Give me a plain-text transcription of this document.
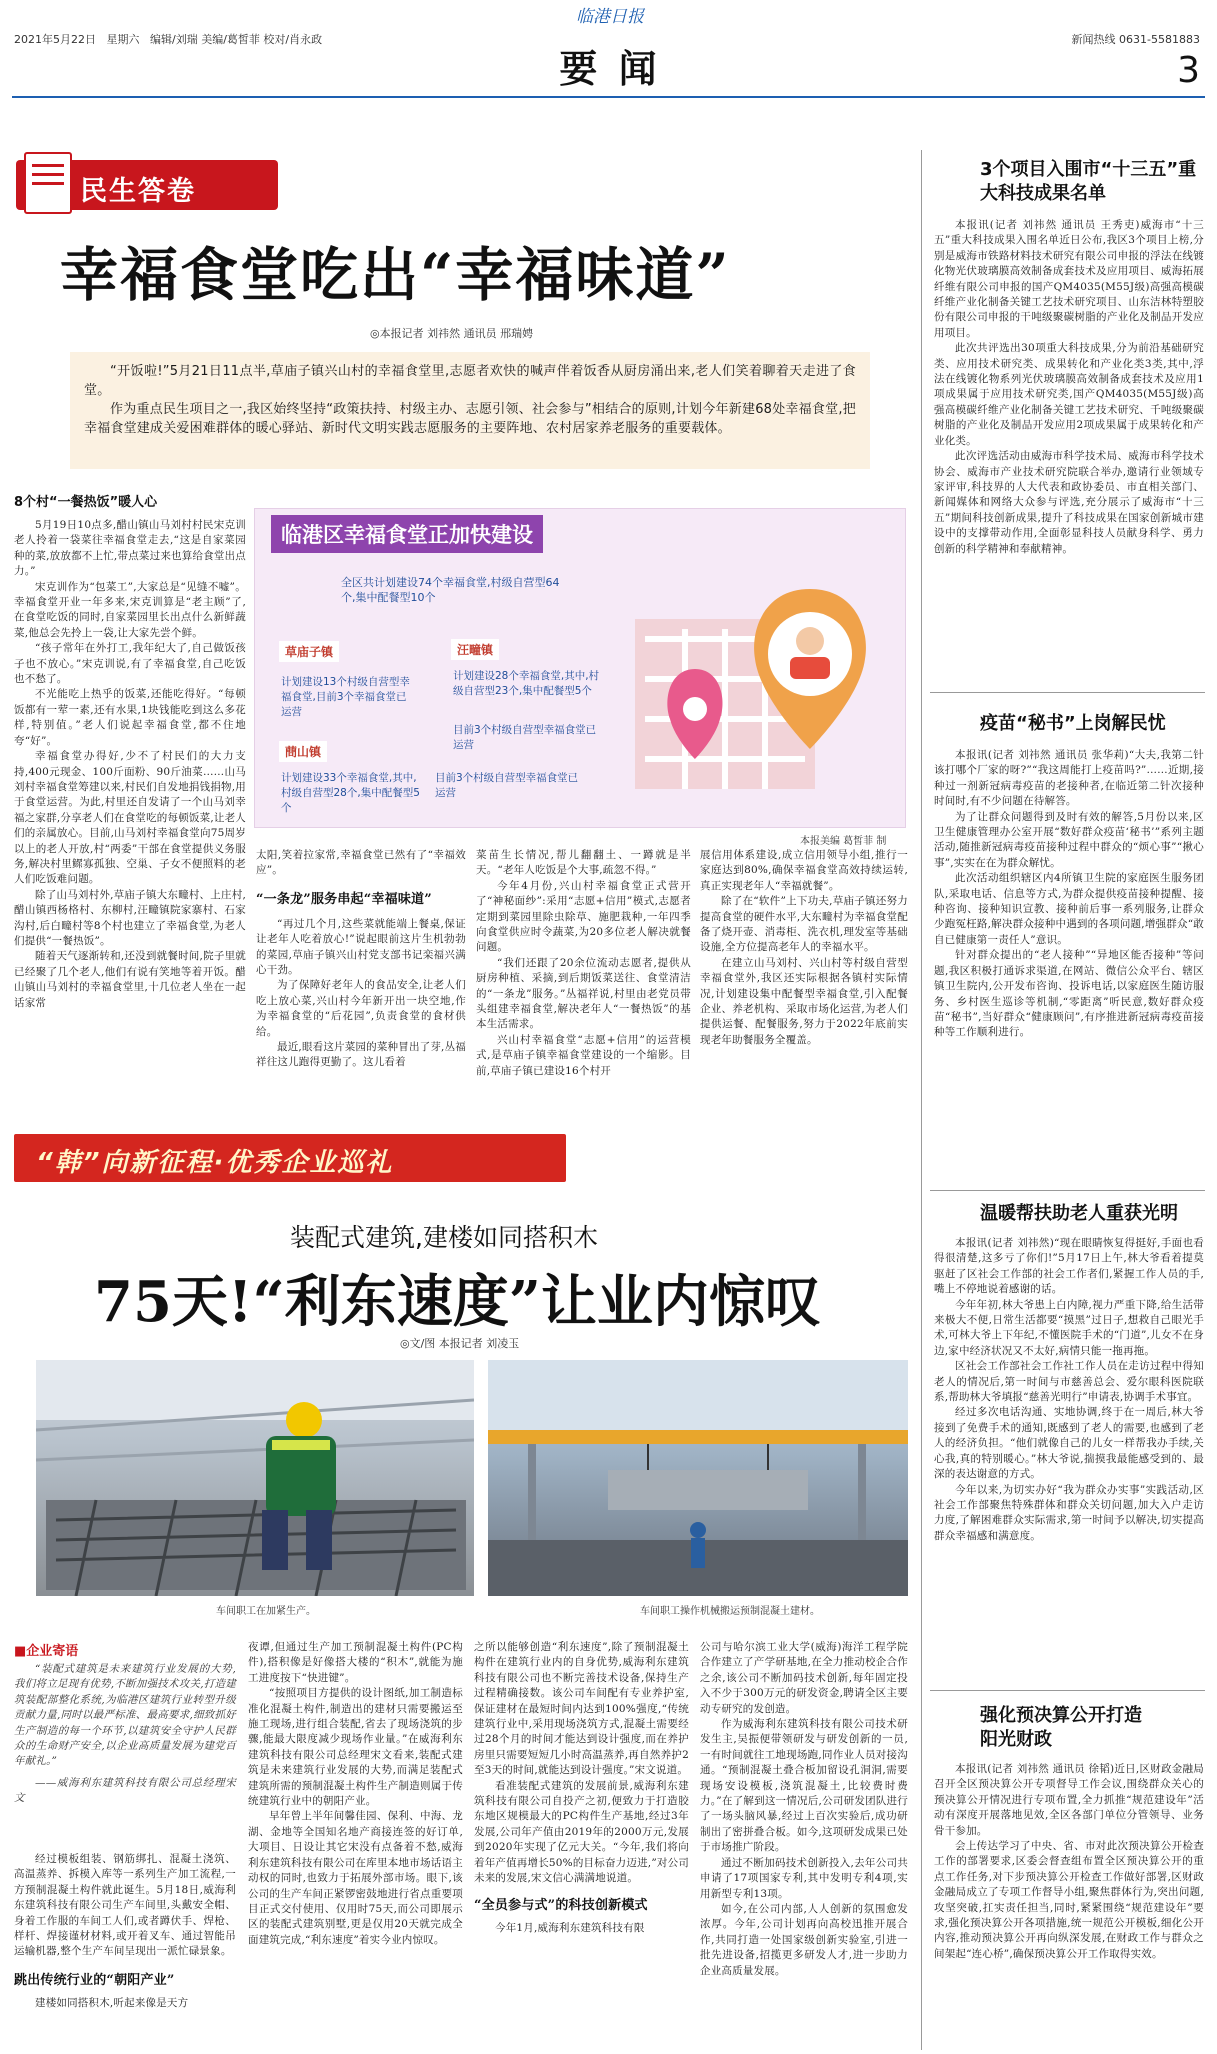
2021年5月22日 星期六 编辑/刘瑞 美编/葛皙菲 校对/肖永政
临港日报
要 闻
新闻热线 0631-5581883
3
民生答卷
幸福食堂吃出“幸福味道”
◎本报记者 刘祎然 通讯员 邢瑞娉

“开饭啦!”5月21日11点半,草庙子镇兴山村的幸福食堂里,志愿者欢快的喊声伴着饭香从厨房涌出来,老人们笑着聊着天走进了食堂。

作为重点民生项目之一,我区始终坚持“政策扶持、村级主办、志愿引领、社会参与”相结合的原则,计划今年新建68处幸福食堂,把幸福食堂建成关爱困难群体的暖心驿站、新时代文明实践志愿服务的主要阵地、农村居家养老服务的重要载体。

8个村“一餐热饭”暖人心
临港区幸福食堂正加快建设
全区共计划建设74个幸福食堂,村级自营型64个,集中配餐型10个
草庙子镇
计划建设13个村级自营型幸福食堂,目前3个幸福食堂已运营
汪疃镇
计划建设28个幸福食堂,其中,村级自营型23个,集中配餐型5个
目前3个村级自营型幸福食堂已运营
蔄山镇
计划建设33个幸福食堂,其中,村级自营型28个,集中配餐型5个
目前3个村级自营型幸福食堂已运营
本报美编 葛皙菲 制

5月19日10点多,醋山镇山马刘村村民宋克训老人拎着一袋菜往幸福食堂走去,“这是自家菜园种的菜,放放都不上忙,带点菜过来也算给食堂出点力。”

宋克训作为“包菜工”,大家总是“见缝不嘘”。幸福食堂开业一年多来,宋克训算是“老主顾”了,在食堂吃饭的同时,自家菜园里长出点什么新鲜蔬菜,他总会先拎上一袋,让大家先尝个鲜。

“孩子常年在外打工,我年纪大了,自己做饭孩子也不放心。”宋克训说,有了幸福食堂,自己吃饭也不愁了。

不光能吃上热乎的饭菜,还能吃得好。“每顿饭都有一荤一素,还有水果,1块钱能吃到这么多花样,特别值。”老人们说起幸福食堂,都不住地夸“好”。

幸福食堂办得好,少不了村民们的大力支持,400元现金、100斤面粉、90斤油菜……山马刘村幸福食堂筹建以来,村民们自发地捐钱捐物,用于食堂运营。为此,村里还自发请了一个山马刘幸福之家群,分享老人们在食堂吃的每顿饭菜,让老人们的亲属放心。目前,山马刘村幸福食堂向75周岁以上的老人开放,村“两委”干部在食堂提供义务服务,解决村里鳏寡孤独、空巢、子女不便照料的老人们吃饭难问题。

除了山马刘村外,草庙子镇大东疃村、上庄村,醋山镇西杨格村、东柳村,汪疃镇院家寨村、石家沟村,后白疃村等8个村也建立了幸福食堂,为老人们提供“一餐热饭”。

随着天气逐渐转和,还没到就餐时间,院子里就已经聚了几个老人,他们有说有笑地等着开饭。醋山镇山马刘村的幸福食堂里,十几位老人坐在一起话家常

太阳,笑着拉家常,幸福食堂已然有了“幸福效应”。

“一条龙”服务串起“幸福味道”

“再过几个月,这些菜就能端上餐桌,保证让老年人吃着放心!”说起眼前这片生机勃勃的菜园,草庙子镇兴山村党支部书记栾福兴满心干劲。

为了保障好老年人的食品安全,让老人们吃上放心菜,兴山村今年新开出一块空地,作为幸福食堂的“后花园”,负责食堂的食材供给。

最近,眼看这片菜园的菜种冒出了芽,丛福祥往这儿跑得更勤了。这儿看着

菜苗生长情况,帮儿翻翻土、一蹲就是半天。“老年人吃饭是个大事,疏忽不得。”

今年4月份,兴山村幸福食堂正式营开了“神秘面纱”:采用“志愿+信用”模式,志愿者定期到菜园里除虫除草、施肥栽种,一年四季向食堂供应时令蔬菜,为20多位老人解决就餐问题。

“我们还跟了20余位流动志愿者,提供从厨房种植、采摘,到后期饭菜送往、食堂清洁的“一条龙”服务。”丛福祥说,村里由老党员带头组建幸福食堂,解决老年人“一餐热饭”的基本生活需求。

兴山村幸福食堂“志愿+信用”的运营模式,是草庙子镇幸福食堂建设的一个缩影。目前,草庙子镇已建设16个村开

展信用体系建设,成立信用领导小组,推行一家庭达到80%,确保幸福食堂高效持续运转,真正实现老年人“幸福就餐”。

除了在“软件”上下功夫,草庙子镇还努力提高食堂的硬件水平,大东疃村为幸福食堂配备了烧开壶、消毒柜、洗衣机,理发室等基础设施,全方位提高老年人的幸福水平。

在建立山马刘村、兴山村等村级自营型幸福食堂外,我区还实际根据各镇村实际情况,计划建设集中配餐型幸福食堂,引入配餐企业、养老机构、采取市场化运营,为老人们提供运餐、配餐服务,努力于2022年底前实现老年助餐服务全覆盖。

“韩”向新征程·优秀企业巡礼
装配式建筑,建楼如同搭积木
75天!“利东速度”让业内惊叹
◎文/图 本报记者 刘凌玉
车间职工在加紧生产。	车间职工操作机械搬运预制混凝土建材。
■企业寄语

“装配式建筑是未来建筑行业发展的大势,我们将立足现有优势,不断加强技术攻关,打造建筑装配部整化系统,为临港区建筑行业转型升级贡献力量,同时以最严标准、最高要求,细致抓好生产制造的每一个环节,以建筑安全守护人民群众的生命财产安全,以企业高质量发展为建党百年献礼。”

——威海利东建筑科技有限公司总经理宋文

经过模板组装、钢筋绑扎、混凝土浇筑、高温蒸养、拆模入库等一系列生产加工流程,一方预制混凝土构件就此诞生。5月18日,威海利东建筑科技有限公司生产车间里,头戴安全帽、身着工作服的车间工人们,或者蹲伏手、焊枪、样杆、焊接谨材材料,或开着叉车、通过智能吊运输机器,整个生产车间呈现出一派忙碌景象。

跳出传统行业的“朝阳产业”

建楼如同搭积木,听起来像是天方

夜谭,但通过生产加工预制混凝土构件(PC构件),搭积像是好像搭大楼的“积木”,就能为施工进度按下“快进键”。

“按照项目方提供的设计图纸,加工制造标准化混凝土构件,制造出的建材只需要搬运至施工现场,进行组合装配,省去了现场浇筑的步骤,能最大限度减少现场作业量。”在威海利东建筑科技有限公司总经理宋文看来,装配式建筑是未来建筑行业发展的大势,而满足装配式建筑所需的预制混凝土构件生产制造则属于传统建筑行业中的朝阳产业。

早年曾上半年间馨佳园、保利、中海、龙湖、金地等全国知名地产商接连签的好订单,大项目、日设让其它宋没有点备着不愁,威海利东建筑科技有限公司在库里本地市场话语主动权的同时,也致力于拓展外部市场。眼下,该公司的生产车间正紧锣密鼓地进行省点重要项目正式交付使用、仅用时75天,而公司即展示区的装配式建筑别墅,更是仅用20天就完成全面建筑完成,“利东速度”着实今业内惊叹。

之所以能够创造“利东速度”,除了预制混凝土构件在建筑行业内的自身优势,威海利东建筑科技有限公司也不断完善技术设备,保持生产过程精确接数。该公司车间配有专业养护室,保证建材在最短时间内达到100%强度,“传统建筑行业中,采用现场浇筑方式,混凝土需要经过28个月的时间才能达到设计强度,而在养护房里只需要短短几小时高温蒸养,再自然养护2至3天的时间,就能达到设计强度。”宋文说道。

看准装配式建筑的发展前景,威海利东建筑科技有限公司自投产之初,便致力于打造胶东地区规模最大的PC构件生产基地,经过3年发展,公司年产值由2019年的2000万元,发展到2020年实现了亿元大关。“今年,我们将向着年产值再增长50%的目标奋力迈进,”对公司未来的发展,宋文信心满满地说道。

“全员参与式”的科技创新模式

今年1月,威海利东建筑科技有限

公司与哈尔滨工业大学(威海)海洋工程学院合作建立了产学研基地,在全力推动校企合作之余,该公司不断加码技术创新,每年固定投入不少于300万元的研发资金,聘请全区主要动专研究的发创造。

作为威海利东建筑科技有限公司技术研发生主,吴振便带领研发与研发创新的一员,一有时间就往工地现场跑,同作业人员对接沟通。“预制混凝土叠合板加留设孔洞洞,需要现场安设模板,浇筑混凝土,比较费时费力。”在了解到这一情况后,公司研发团队进行了一场头脑风暴,经过上百次实验后,成功研制出了密拼叠合板。如今,这项研发成果已处于市场推广阶段。

通过不断加码技术创新投入,去年公司共申请了17项国家专利,其中发明专利4项,实用新型专利13项。

如今,在公司内部,人人创新的氛围愈发浓厚。今年,公司计划再向高校迅推开展合作,共同打造一处国家级创新实验室,引进一批先进设备,招揽更多研发人才,进一步助力企业高质量发展。

3个项目入围市“十三五”重大科技成果名单

本报讯(记者 刘祎然 通讯员 王秀吏)威海市“十三五”重大科技成果入围名单近日公布,我区3个项目上榜,分别是威海市铁路材料技术研究有限公司申报的浮法在线镀化物光伏玻璃膜高效制备成套技术及应用项目、威海拓展纤维有限公司申报的国产QM4035(M55J级)高强高模碳纤维产业化制备关键工艺技术研究项目、山东洁林特塑胶份有限公司申报的干吨级聚碳树脂的产业化及制品开发应用项目。

此次共评选出30项重大科技成果,分为前沿基础研究类、应用技术研究类、成果转化和产业化类3类,其中,浮法在线镀化物系列光伏玻璃膜高效制备成套技术及应用1项成果属于应用技术研究类,国产QM4035(M55J级)高强高模碳纤维产业化制备关键工艺技术研究、千吨级聚碳树脂的产业化及制品开发应用2项成果属于成果转化和产业化类。

此次评选活动由威海市科学技术局、威海市科学技术协会、威海市产业技术研究院联合举办,邀请行业领域专家评审,科技界的人大代表和政协委员、市直相关部门、新闻媒体和网络大众参与评选,充分展示了威海市“十三五”期间科技创新成果,提升了科技成果在国家创新城市建设中的支撑带动作用,全面彰显科技人员献身科学、勇力创新的科学精神和奉献精神。

疫苗“秘书”上岗解民忧

本报讯(记者 刘祎然 通讯员 张华莉)“大夫,我第二针该打哪个厂家的呀?”“我这周能打上疫苗吗?”……近期,接种过一剂新冠病毒疫苗的老接种者,在临近第二针次接种时间时,有不少问题在待解答。

为了让群众问题得到及时有效的解答,5月份以来,区卫生健康管理办公室开展“数好群众疫苗‘秘书’”系列主题活动,随推新冠病毒疫苗接种过程中群众的“烦心事”“揪心事”,实实在在为群众解忧。

此次活动组织辖区内4所镇卫生院的家庭医生服务团队,采取电话、信息等方式,为群众提供疫苗接种提醒、接种咨询、接种知识宣教、接种前后事一系列服务,让群众少跑冤枉路,解决群众接种中遇到的各项问题,增强群众“敢自已健康第一责任人”意识。

针对群众提出的“老人接种”“异地区能否接种”等问题,我区积极打通诉求渠道,在网站、微信公众平台、辖区镇卫生院内,公开发布咨询、投诉电话,以家庭医生随访服务、乡村医生巡诊等机制,“零距离”听民意,数好群众疫苗“秘书”,当好群众“健康顾问”,有序推进新冠病毒疫苗接种等工作顺利进行。

温暖帮扶助老人重获光明

本报讯(记者 刘祎然)“现在眼睛恢复得挺好,手面也看得很清楚,这多亏了你们!”5月17日上午,林大爷看着提莫驱赶了区社会工作部的社会工作者们,紧握工作人员的手,嘴上不停地说着感谢的话。

今年年初,林大爷患上白内障,视力严重下降,给生活带来极大不便,日常生活都要“摸黑”过日子,想救自己眼光手术,可林大爷上下年纪,不懂医院手术的“门道”,儿女不在身边,家中经济状况又不太好,病情只能一拖再拖。

区社会工作部社会工作社工作人员在走访过程中得知老人的情况后,第一时间与市慈善总会、爱尔眼科医院联系,帮助林大爷填报“慈善光明行”申请表,协调手术事宜。

经过多次电话沟通、实地协调,终于在一周后,林大爷接到了免费手术的通知,既感到了老人的需要,也感到了老人的经济负担。“他们就像自己的儿女一样帮我办手续,关心我,真的特别暖心。”林大爷说,揣摸我最能感受到的、最深的表达谢意的方式。

今年以来,为切实办好“我为群众办实事”实践活动,区社会工作部聚焦特殊群体和群众关切问题,加大入户走访力度,了解困难群众实际需求,第一时间予以解决,切实提高群众幸福感和满意度。

强化预决算公开打造阳光财政

本报讯(记者 刘祎然 通讯员 徐韬)近日,区财政金融局召开全区预决算公开专项督导工作会议,围绕群众关心的预决算公开情况进行专项布置,全力抓推“规范建设年”活动有深度开展落地见效,全区各部门单位分管领导、业务骨干参加。

会上传达学习了中央、省、市对此次预决算公开检查工作的部署要求,区委会督查组布置全区预决算公开的重点工作任务,对下步预决算公开检查工作做好部署,区财政金融局成立了专项工作督导小组,聚焦群体行为,突出问题,攻坚突破,扛实责任担当,同时,紧紧围绕“规范建设年”要求,强化预决算公开各项措施,统一规范公开模板,细化公开内容,推动预决算公开再向纵深发展,在财政工作与群众之间架起“连心桥”,确保预决算公开工作取得实效。
